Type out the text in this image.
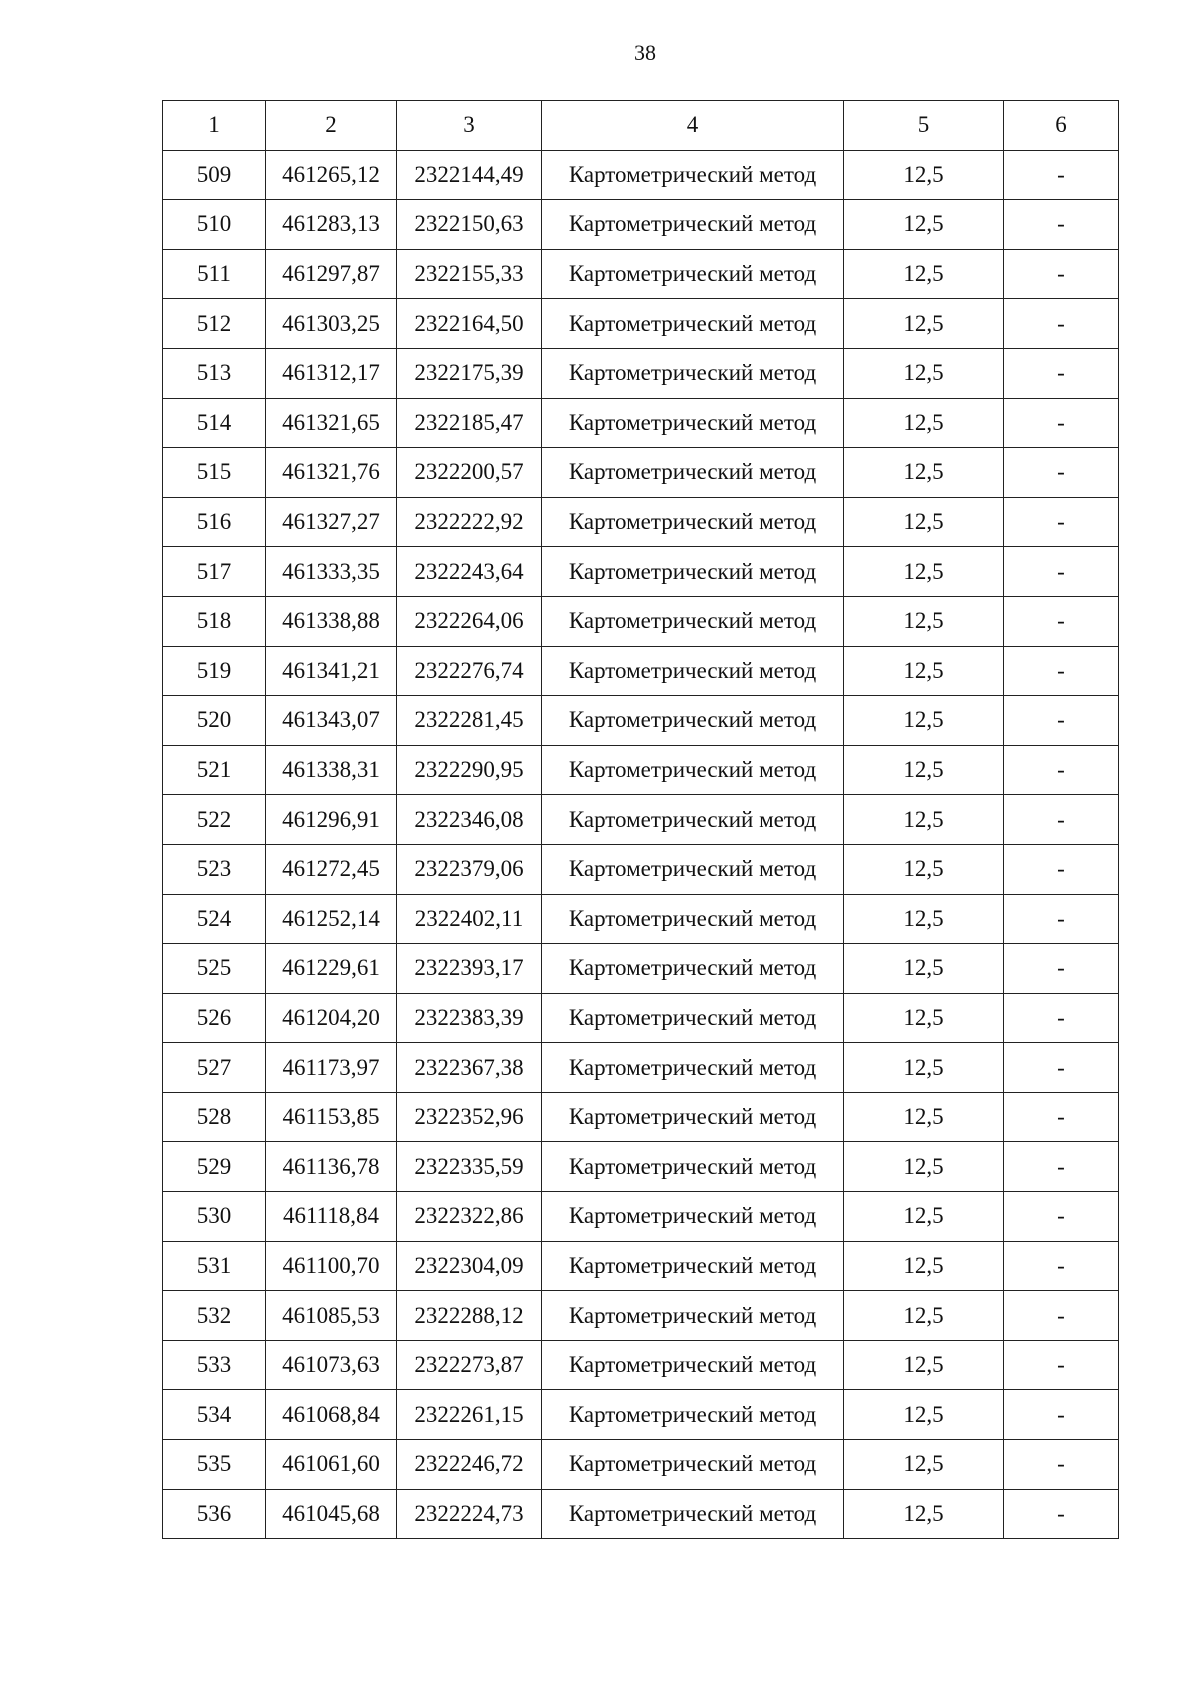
38
1	2	3	4	5	6
509	461265,12	2322144,49	Картометрический метод	12,5	-
510	461283,13	2322150,63	Картометрический метод	12,5	-
511	461297,87	2322155,33	Картометрический метод	12,5	-
512	461303,25	2322164,50	Картометрический метод	12,5	-
513	461312,17	2322175,39	Картометрический метод	12,5	-
514	461321,65	2322185,47	Картометрический метод	12,5	-
515	461321,76	2322200,57	Картометрический метод	12,5	-
516	461327,27	2322222,92	Картометрический метод	12,5	-
517	461333,35	2322243,64	Картометрический метод	12,5	-
518	461338,88	2322264,06	Картометрический метод	12,5	-
519	461341,21	2322276,74	Картометрический метод	12,5	-
520	461343,07	2322281,45	Картометрический метод	12,5	-
521	461338,31	2322290,95	Картометрический метод	12,5	-
522	461296,91	2322346,08	Картометрический метод	12,5	-
523	461272,45	2322379,06	Картометрический метод	12,5	-
524	461252,14	2322402,11	Картометрический метод	12,5	-
525	461229,61	2322393,17	Картометрический метод	12,5	-
526	461204,20	2322383,39	Картометрический метод	12,5	-
527	461173,97	2322367,38	Картометрический метод	12,5	-
528	461153,85	2322352,96	Картометрический метод	12,5	-
529	461136,78	2322335,59	Картометрический метод	12,5	-
530	461118,84	2322322,86	Картометрический метод	12,5	-
531	461100,70	2322304,09	Картометрический метод	12,5	-
532	461085,53	2322288,12	Картометрический метод	12,5	-
533	461073,63	2322273,87	Картометрический метод	12,5	-
534	461068,84	2322261,15	Картометрический метод	12,5	-
535	461061,60	2322246,72	Картометрический метод	12,5	-
536	461045,68	2322224,73	Картометрический метод	12,5	-
